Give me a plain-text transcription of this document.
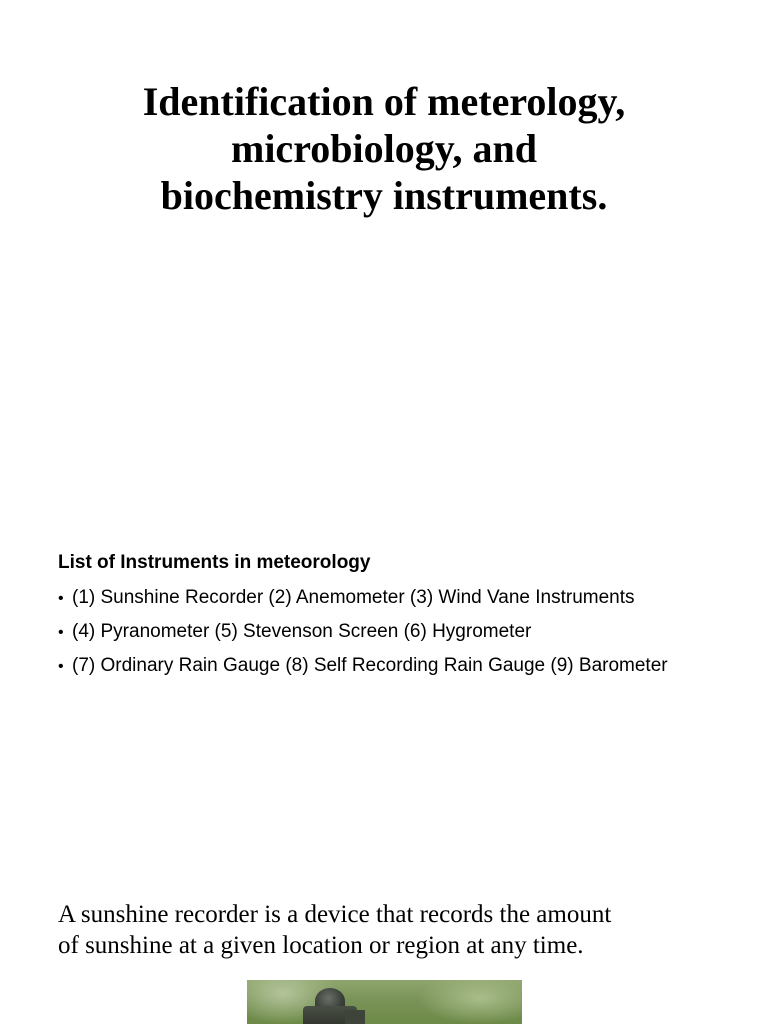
Identification of meterology,
microbiology, and
biochemistry instruments.
List of Instruments in meteorology
• (1) Sunshine Recorder (2) Anemometer (3) Wind Vane Instruments
• (4) Pyranometer (5) Stevenson Screen (6) Hygrometer
• (7) Ordinary Rain Gauge (8) Self Recording Rain Gauge (9) Barometer

A sunshine recorder is a device that records the amount
of sunshine at a given location or region at any time.
